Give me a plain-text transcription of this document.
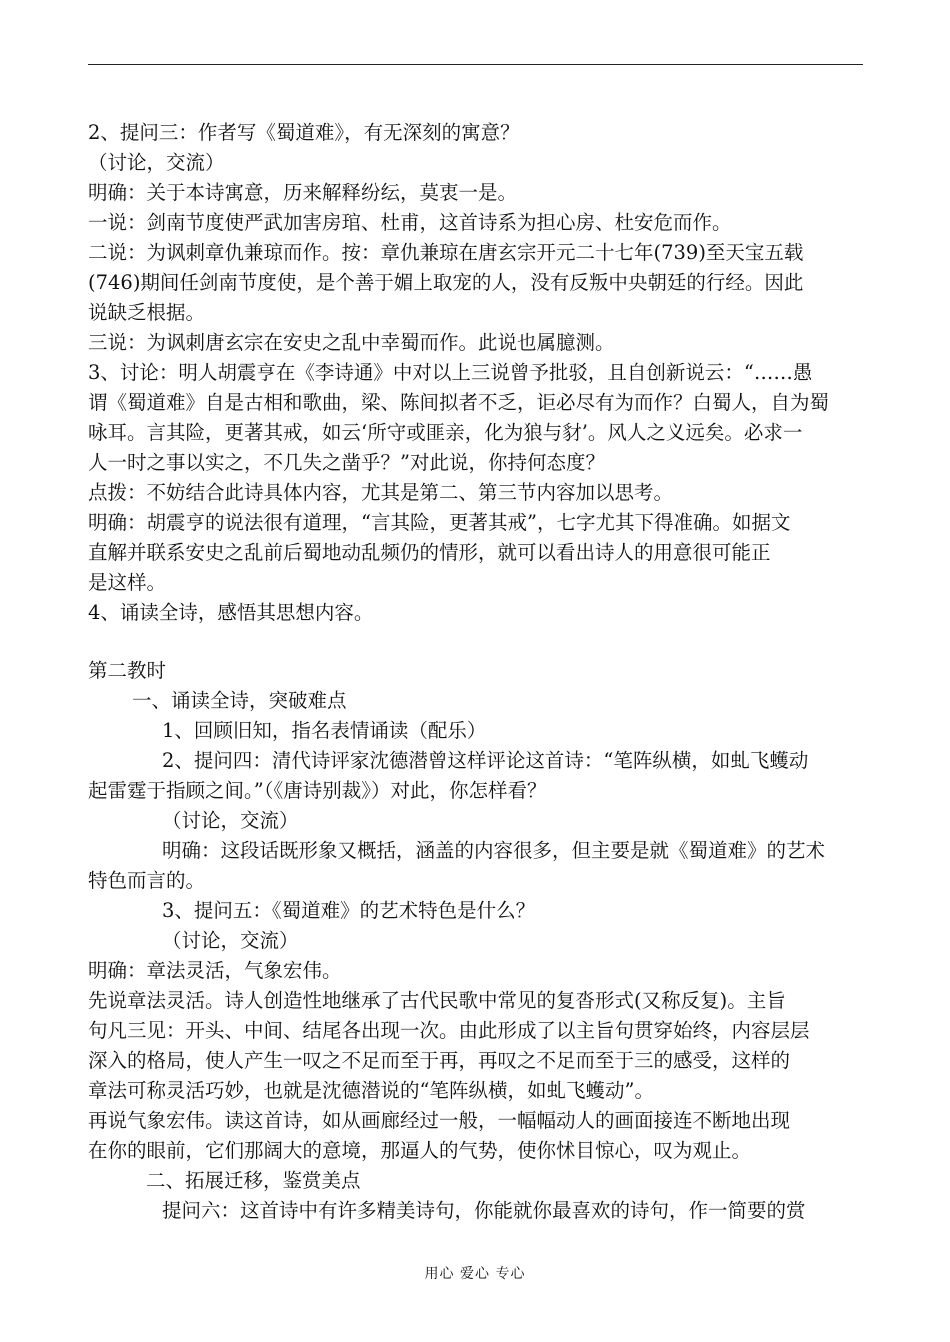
2、提问三：作者写《蜀道难》，有无深刻的寓意？
（讨论，交流）
明确：关于本诗寓意，历来解释纷纭，莫衷一是。
一说：剑南节度使严武加害房琯、杜甫，这首诗系为担心房、杜安危而作。
二说：为讽刺章仇兼琼而作。按：章仇兼琼在唐玄宗开元二十七年(739)至天宝五载
(746)期间任剑南节度使，是个善于媚上取宠的人，没有反叛中央朝廷的行经。因此
说缺乏根据。
三说：为讽刺唐玄宗在安史之乱中幸蜀而作。此说也属臆测。
3、讨论：明人胡震亨在《李诗通》中对以上三说曾予批驳，且自创新说云：“……愚
谓《蜀道难》自是古相和歌曲，梁、陈间拟者不乏，讵必尽有为而作？白蜀人，自为蜀
咏耳。言其险，更著其戒，如云‘所守或匪亲，化为狼与豺’。风人之义远矣。必求一
人一时之事以实之，不几失之凿乎？”对此说，你持何态度？
点拨：不妨结合此诗具体内容，尤其是第二、第三节内容加以思考。
明确：胡震亨的说法很有道理，“言其险，更著其戒”，七字尤其下得准确。如据文
直解并联系安史之乱前后蜀地动乱频仍的情形，就可以看出诗人的用意很可能正
是这样。
4、诵读全诗，感悟其思想内容。
第二教时
一、诵读全诗，突破难点
1、回顾旧知，指名表情诵读（配乐）
2、提问四：清代诗评家沈德潜曾这样评论这首诗：“笔阵纵横，如虬飞蠖动
起雷霆于指顾之间。”（《唐诗别裁》）对此，你怎样看？
（讨论，交流）
明确：这段话既形象又概括，涵盖的内容很多，但主要是就《蜀道难》的艺术
特色而言的。
3、提问五：《蜀道难》的艺术特色是什么？
（讨论，交流）
明确：章法灵活，气象宏伟。
先说章法灵活。诗人创造性地继承了古代民歌中常见的复沓形式(又称反复)。主旨
句凡三见：开头、中间、结尾各出现一次。由此形成了以主旨句贯穿始终，内容层层
深入的格局，使人产生一叹之不足而至于再，再叹之不足而至于三的感受，这样的
章法可称灵活巧妙，也就是沈德潜说的“笔阵纵横，如虬飞蠖动”。
再说气象宏伟。读这首诗，如从画廊经过一般，一幅幅动人的画面接连不断地出现
在你的眼前，它们那阔大的意境，那逼人的气势，使你怵目惊心，叹为观止。
二、拓展迁移，鉴赏美点
提问六：这首诗中有许多精美诗句，你能就你最喜欢的诗句，作一简要的赏
用心 爱心 专心
